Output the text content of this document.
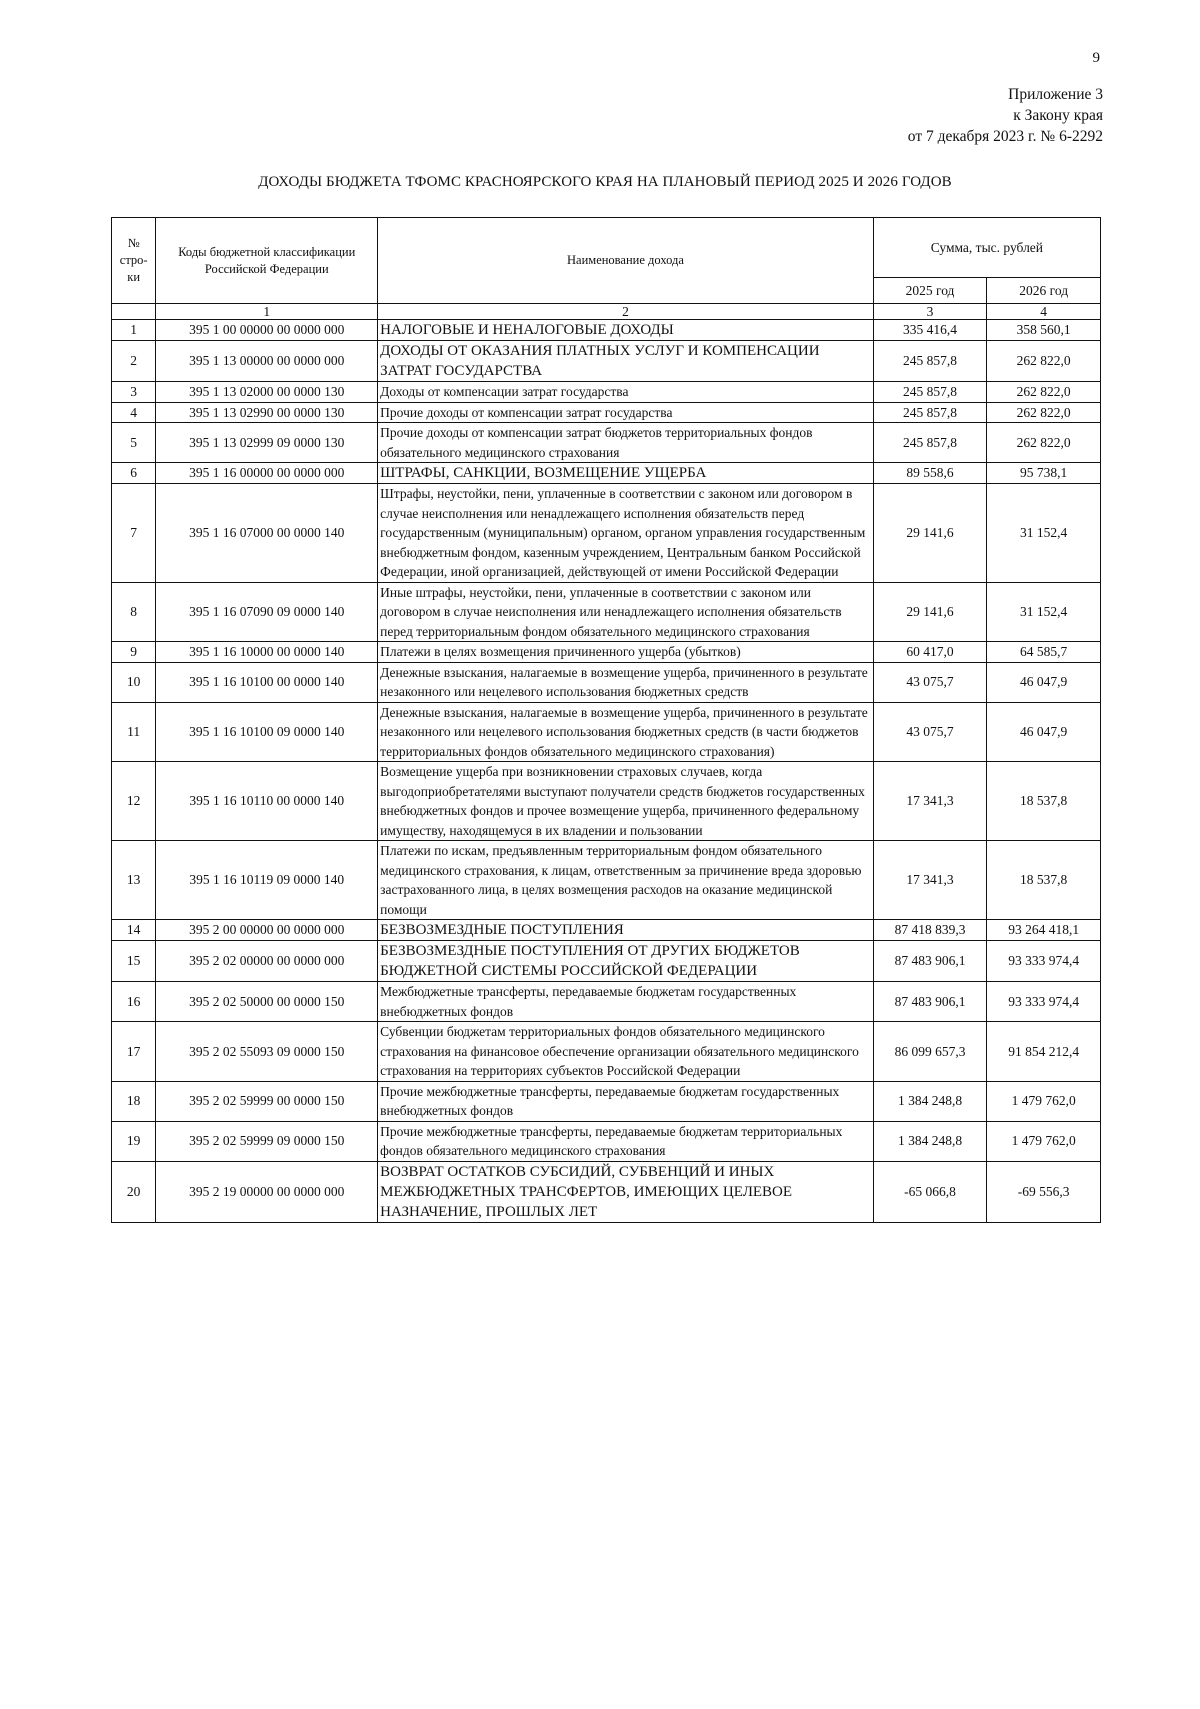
9
Приложение 3
к Закону края
от 7 декабря 2023 г. № 6-2292
ДОХОДЫ БЮДЖЕТА ТФОМС КРАСНОЯРСКОГО КРАЯ НА ПЛАНОВЫЙ ПЕРИОД 2025 И 2026 ГОДОВ
№ стро-ки	Коды бюджетной классификации Российской Федерации	Наименование дохода	Сумма, тыс. рублей	
			2025 год	2026 год
	1	2	3	4
1	395 1 00 00000 00 0000 000	НАЛОГОВЫЕ И НЕНАЛОГОВЫЕ ДОХОДЫ	335 416,4	358 560,1
2	395 1 13 00000 00 0000 000	ДОХОДЫ ОТ ОКАЗАНИЯ ПЛАТНЫХ УСЛУГ И КОМПЕНСАЦИИ ЗАТРАТ ГОСУДАРСТВА	245 857,8	262 822,0
3	395 1 13 02000 00 0000 130	Доходы от компенсации затрат государства	245 857,8	262 822,0
4	395 1 13 02990 00 0000 130	Прочие доходы от компенсации затрат государства	245 857,8	262 822,0
5	395 1 13 02999 09 0000 130	Прочие доходы от компенсации затрат бюджетов территориальных фондов обязательного медицинского страхования	245 857,8	262 822,0
6	395 1 16 00000 00 0000 000	ШТРАФЫ, САНКЦИИ, ВОЗМЕЩЕНИЕ УЩЕРБА	89 558,6	95 738,1
7	395 1 16 07000 00 0000 140	Штрафы, неустойки, пени, уплаченные в соответствии с законом или договором в случае неисполнения или ненадлежащего исполнения обязательств перед государственным (муниципальным) органом, органом управления государственным внебюджетным фондом, казенным учреждением, Центральным банком Российской Федерации, иной организацией, действующей от имени Российской Федерации	29 141,6	31 152,4
8	395 1 16 07090 09 0000 140	Иные штрафы, неустойки, пени, уплаченные в соответствии с законом или договором в случае неисполнения или ненадлежащего исполнения обязательств перед территориальным фондом обязательного медицинского страхования	29 141,6	31 152,4
9	395 1 16 10000 00 0000 140	Платежи в целях возмещения причиненного ущерба (убытков)	60 417,0	64 585,7
10	395 1 16 10100 00 0000 140	Денежные взыскания, налагаемые в возмещение ущерба, причиненного в результате незаконного или нецелевого использования бюджетных средств	43 075,7	46 047,9
11	395 1 16 10100 09 0000 140	Денежные взыскания, налагаемые в возмещение ущерба, причиненного в результате незаконного или нецелевого использования бюджетных средств (в части бюджетов территориальных фондов обязательного медицинского страхования)	43 075,7	46 047,9
12	395 1 16 10110 00 0000 140	Возмещение ущерба при возникновении страховых случаев, когда выгодоприобретателями выступают получатели средств бюджетов государственных внебюджетных фондов и прочее возмещение ущерба, причиненного федеральному имуществу, находящемуся в их владении и пользовании	17 341,3	18 537,8
13	395 1 16 10119 09 0000 140	Платежи по искам, предъявленным территориальным фондом обязательного медицинского страхования, к лицам, ответственным за причинение вреда здоровью застрахованного лица, в целях возмещения расходов на оказание медицинской помощи	17 341,3	18 537,8
14	395 2 00 00000 00 0000 000	БЕЗВОЗМЕЗДНЫЕ ПОСТУПЛЕНИЯ	87 418 839,3	93 264 418,1
15	395 2 02 00000 00 0000 000	БЕЗВОЗМЕЗДНЫЕ ПОСТУПЛЕНИЯ ОТ ДРУГИХ БЮДЖЕТОВ БЮДЖЕТНОЙ СИСТЕМЫ РОССИЙСКОЙ ФЕДЕРАЦИИ	87 483 906,1	93 333 974,4
16	395 2 02 50000 00 0000 150	Межбюджетные трансферты, передаваемые бюджетам государственных внебюджетных фондов	87 483 906,1	93 333 974,4
17	395 2 02 55093 09 0000 150	Субвенции бюджетам территориальных фондов обязательного медицинского страхования на финансовое обеспечение организации обязательного медицинского страхования на территориях субъектов Российской Федерации	86 099 657,3	91 854 212,4
18	395 2 02 59999 00 0000 150	Прочие межбюджетные трансферты, передаваемые бюджетам государственных внебюджетных фондов	1 384 248,8	1 479 762,0
19	395 2 02 59999 09 0000 150	Прочие межбюджетные трансферты, передаваемые бюджетам территориальных фондов обязательного медицинского страхования	1 384 248,8	1 479 762,0
20	395 2 19 00000 00 0000 000	ВОЗВРАТ ОСТАТКОВ СУБСИДИЙ, СУБВЕНЦИЙ И ИНЫХ МЕЖБЮДЖЕТНЫХ ТРАНСФЕРТОВ, ИМЕЮЩИХ ЦЕЛЕВОЕ НАЗНАЧЕНИЕ, ПРОШЛЫХ ЛЕТ	-65 066,8	-69 556,3
